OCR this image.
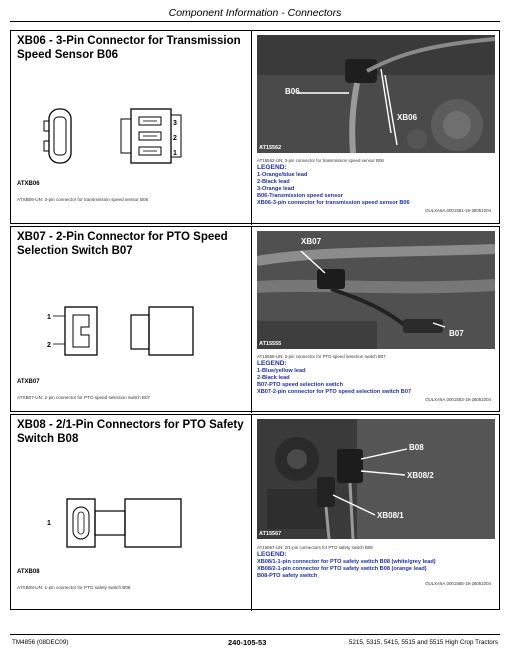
Component Information - Connectors
XB06 - 3-Pin Connector for Transmission Speed Sensor B06
3
2
1
ATXB06
ATXB06-UN: 3-pin connector for transmission speed sensor B06
B06
XB06
AT15562
AT15562-UN: 3-pin connector for transmission speed sensor B06
LEGEND:
1-Orange/blue lead
2-Black lead
3-Orange lead
B06-Transmission speed sensor
XB06-3-pin connector for transmission speed sensor B06
OULXA6A,0001581-19-28051004
XB07 - 2-Pin Connector for PTO Speed Selection Switch B07
1
2
ATXB07
ATXB07-UN: 2-pin connector for PTO speed selection switch B07
XB07
B07
AT15555
AT15555-UN: 2-pin connector for PTO speed selection switch B07
LEGEND:
1-Blue/yellow lead
2-Black lead
B07-PTO speed selection switch
XB07-2-pin connector for PTO speed selection switch B07
OULXA6A,0001583-19-28051004
XB08 - 2/1-Pin Connectors for PTO Safety Switch B08
1
ATXB08
ATXB08-UN: 1-pin connector for PTO safety switch B08
B08
XB08/2
XB08/1
AT15567
AT15567-UN: 2/1-pin connectors for PTO safety switch B08
LEGEND:
XB08/1-1-pin connector for PTO safety switch B08 (white/grey lead)
XB08/2-1-pin connector for PTO safety switch B08 (orange lead)
B08-PTO safety switch
OULXA6A,0001585-19-28051004
TM4856 (08DEC09)	240-105-53	5215, 5315, 5415, 5515 and 5515 High Crop Tractors
